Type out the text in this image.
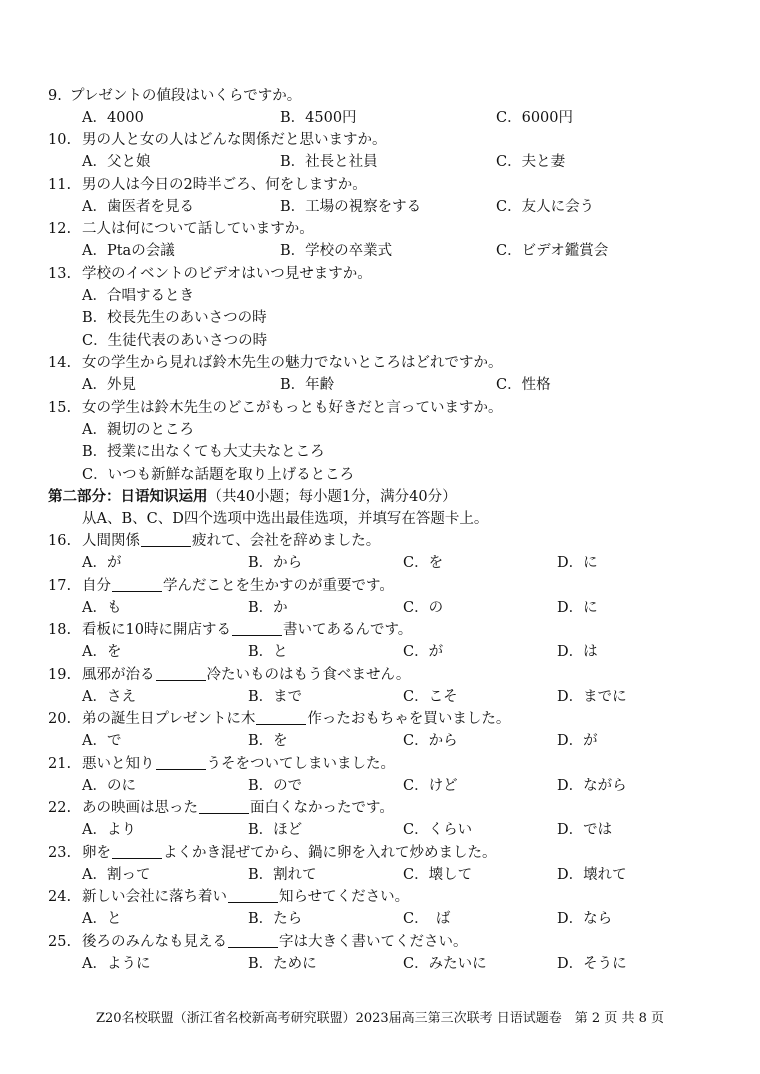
9. プレゼントの値段はいくらですか。
A．4000	B．4500円	C．6000円
10. 男の人と女の人はどんな関係だと思いますか。
A．父と娘	B．社長と社員	C．夫と妻
11. 男の人は今日の2時半ごろ、何をしますか。
A．歯医者を見る	B．工場の視察をする	C．友人に会う
12. 二人は何について話していますか。
A．Ptaの会議	B．学校の卒業式	C．ビデオ鑑賞会
13. 学校のイベントのビデオはいつ見せますか。
A．合唱するとき
B．校長先生のあいさつの時
C．生徒代表のあいさつの時
14. 女の学生から見れば鈴木先生の魅力でないところはどれですか。
A．外見	B．年齢	C．性格
15. 女の学生は鈴木先生のどこがもっとも好きだと言っていますか。
A．親切のところ
B．授業に出なくても大丈夫なところ
C．いつも新鮮な話題を取り上げるところ
第二部分：日语知识运用（共40小题；每小题1分，满分40分）
从A、B、C、D四个选项中选出最佳选项，并填写在答题卡上。
16. 人間関係	疲れて、会社を辞めました。
A．が	B．から	C．を	D．に
17. 自分	学んだことを生かすのが重要です。
A．も	B．か	C．の	D．に
18. 看板に10時に開店する	書いてあるんです。
A．を	B．と	C．が	D．は
19. 風邪が治る	冷たいものはもう食べません。
A．さえ	B．まで	C．こそ	D．までに
20. 弟の誕生日プレゼントに木	作ったおもちゃを買いました。
A．で	B．を	C．から	D．が
21. 悪いと知り	うそをついてしまいました。
A．のに	B．ので	C．けど	D．ながら
22. あの映画は思った	面白くなかったです。
A．より	B．ほど	C．くらい	D．では
23. 卵を	よくかき混ぜてから、鍋に卵を入れて炒めました。
A．割って	B．割れて	C．壊して	D．壊れて
24. 新しい会社に落ち着い	知らせてください。
A．と	B．たら	C．　ば	D．なら
25. 後ろのみんなも見える	字は大きく書いてください。
A．ように	B．ために	C．みたいに	D．そうに
Z20名校联盟（浙江省名校新高考研究联盟）2023届高三第三次联考 日语试题卷　第 2 页 共 8 页
